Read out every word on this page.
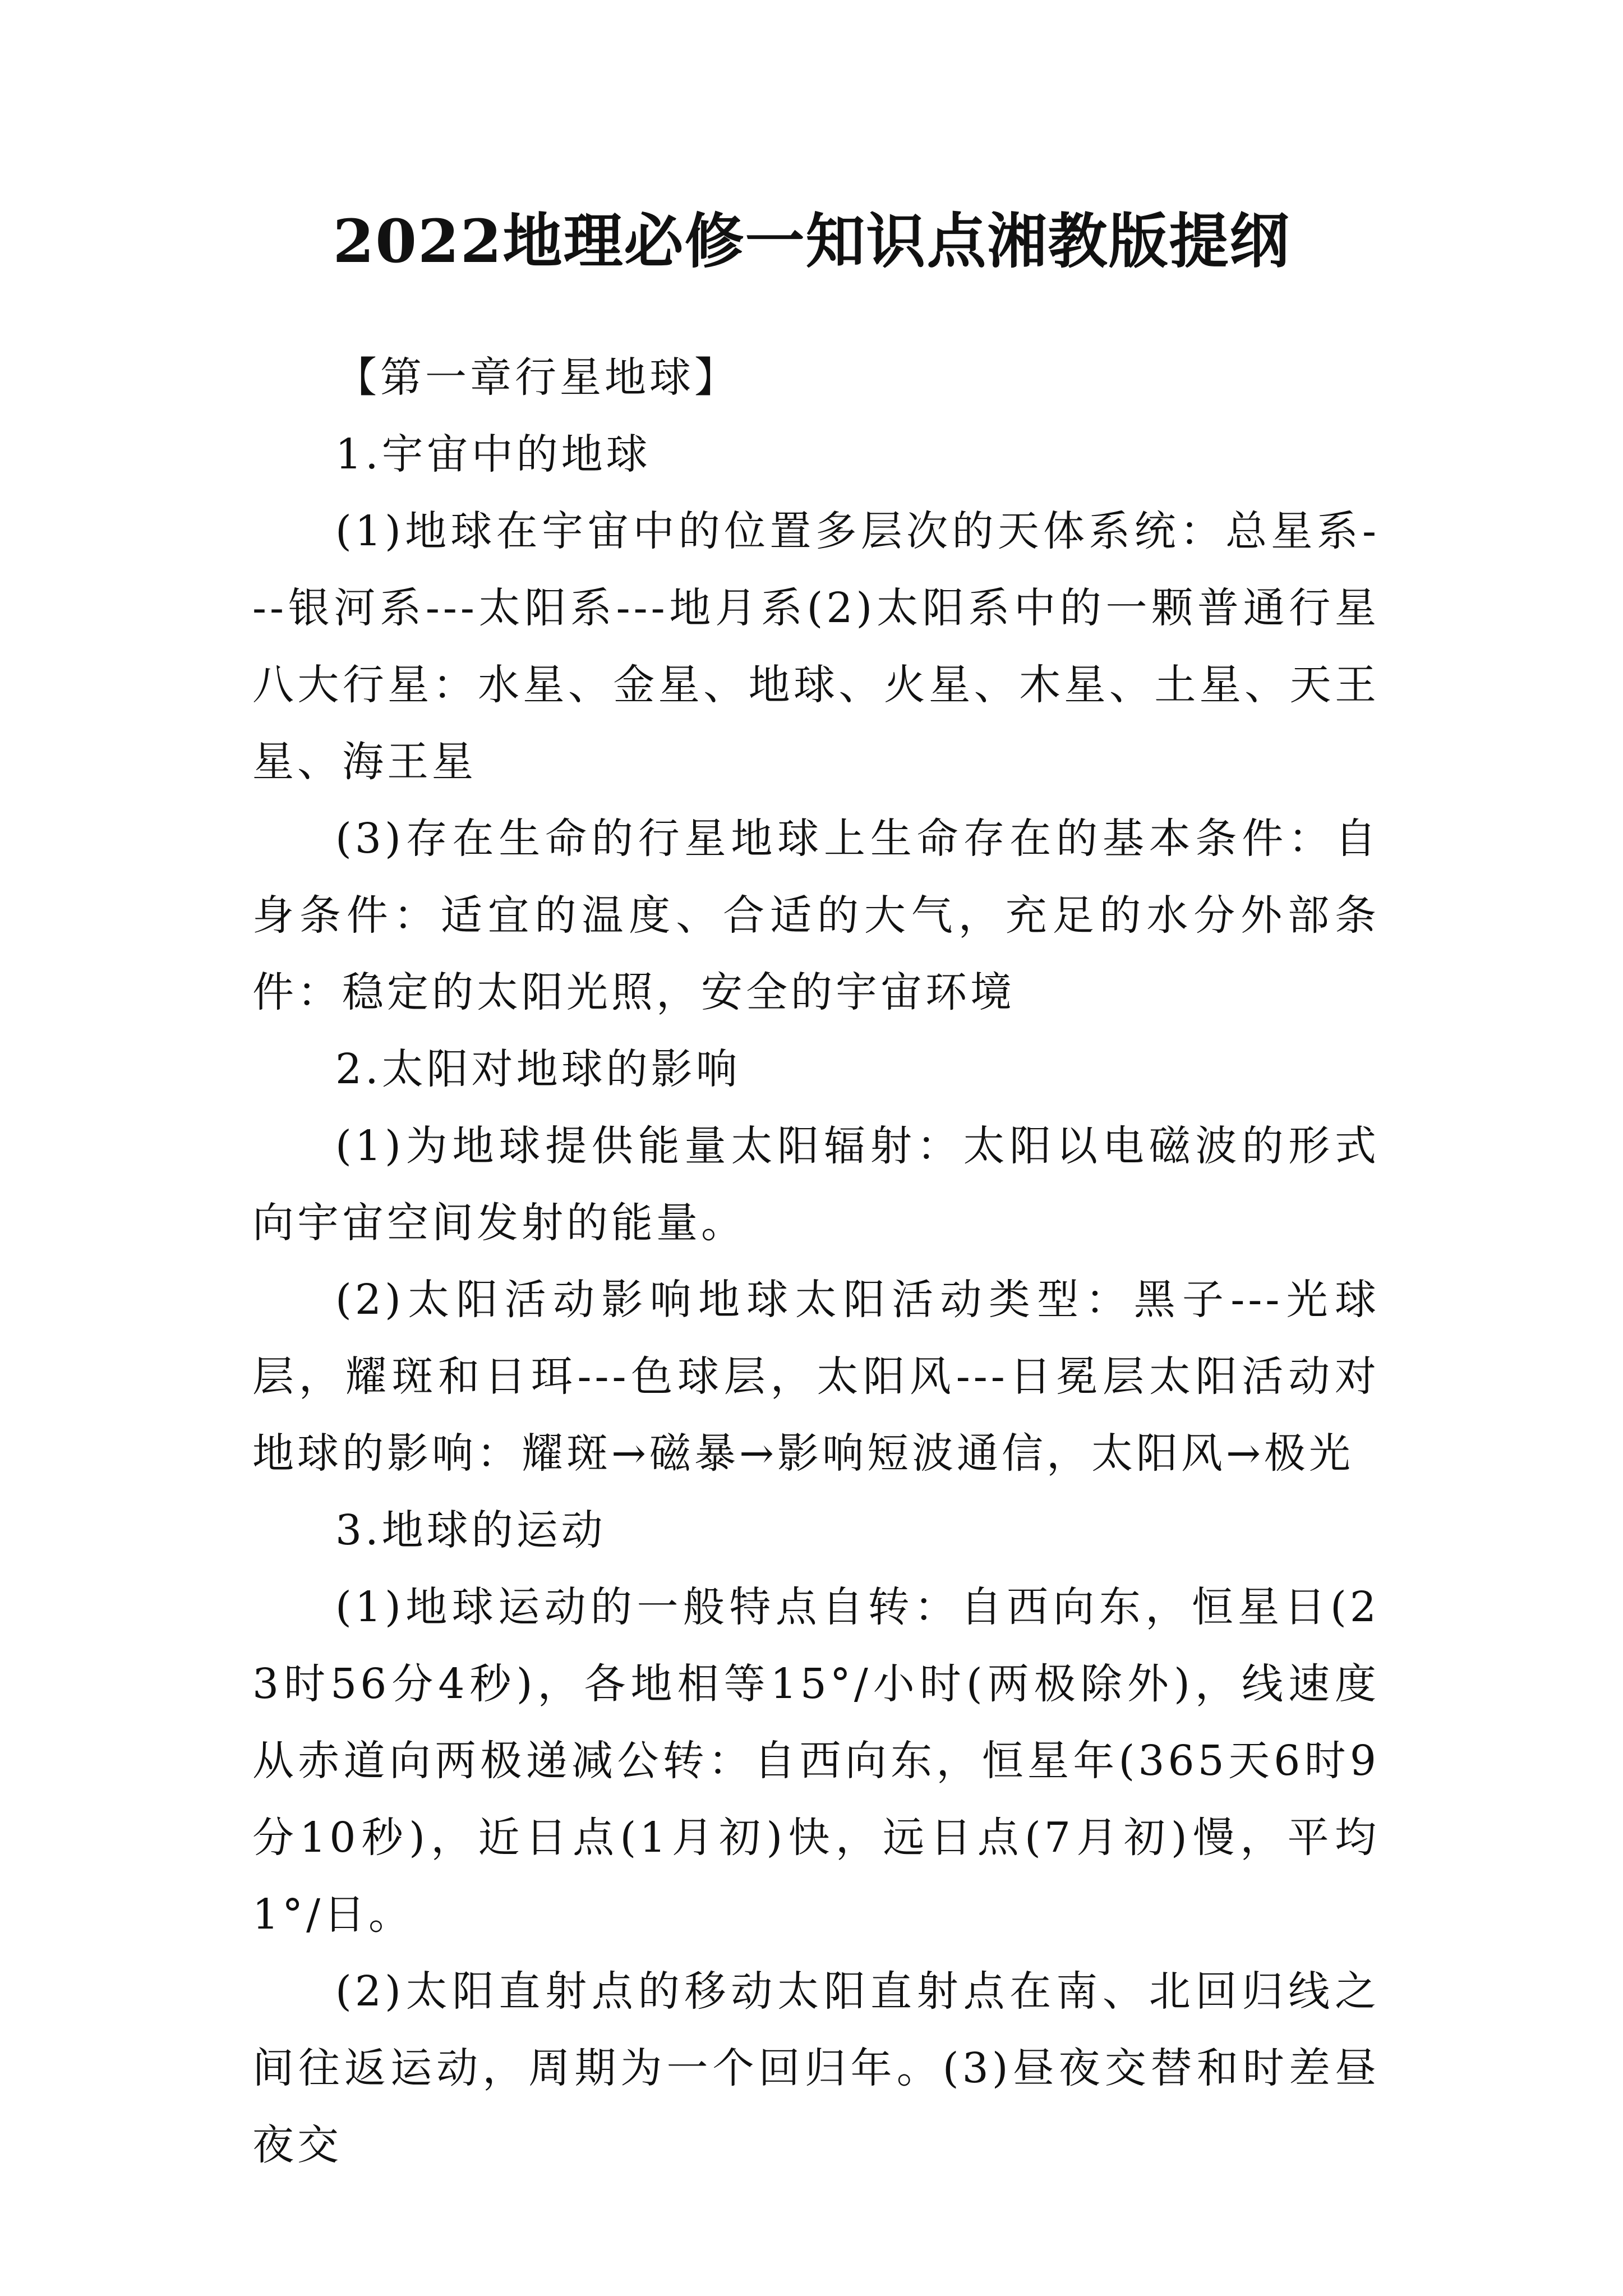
2022地理必修一知识点湘教版提纲

【第一章行星地球】

1.宇宙中的地球

(1)地球在宇宙中的位置多层次的天体系统：总星系---银河系---太阳系---地月系(2)太阳系中的一颗普通行星八大行星：水星、金星、地球、火星、木星、土星、天王星、海王星

(3)存在生命的行星地球上生命存在的基本条件：自身条件：适宜的温度、合适的大气，充足的水分外部条件：稳定的太阳光照，安全的宇宙环境

2.太阳对地球的影响

(1)为地球提供能量太阳辐射：太阳以电磁波的形式向宇宙空间发射的能量。

(2)太阳活动影响地球太阳活动类型：黑子---光球层，耀斑和日珥---色球层，太阳风---日冕层太阳活动对地球的影响：耀斑→磁暴→影响短波通信，太阳风→极光

3.地球的运动

(1)地球运动的一般特点自转：自西向东，恒星日(23时56分4秒)，各地相等15°/小时(两极除外)，线速度从赤道向两极递减公转：自西向东，恒星年(365天6时9分10秒)，近日点(1月初)快，远日点(7月初)慢，平均1°/日。

(2)太阳直射点的移动太阳直射点在南、北回归线之间往返运动，周期为一个回归年。(3)昼夜交替和时差昼夜交
